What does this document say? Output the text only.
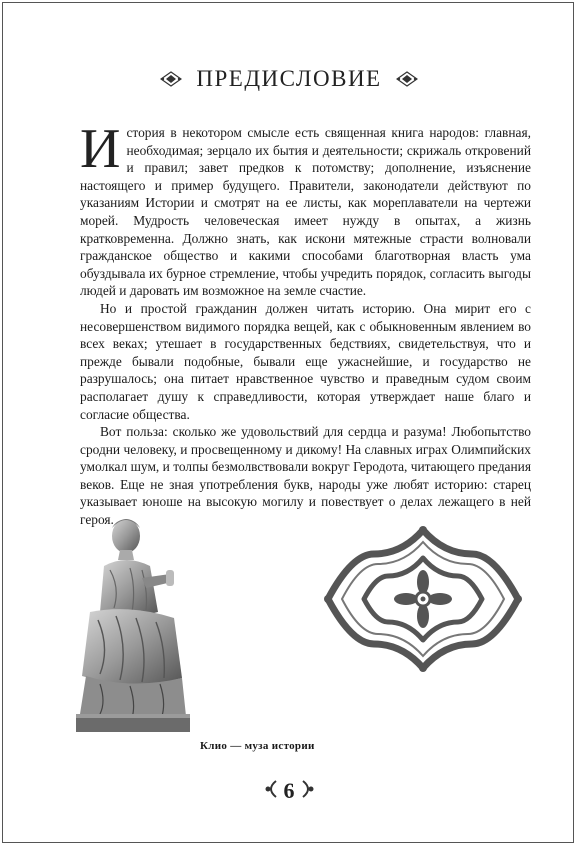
ПРЕДИСЛОВИЕ

История в некотором смысле есть священная книга народов: главная, необходимая; зерцало их бытия и деятельности; скрижаль откровений и правил; завет предков к потомству; дополнение, изъяснение настоящего и пример будущего. Правители, законодатели действуют по указаниям Истории и смотрят на ее листы, как мореплаватели на чертежи морей. Мудрость человеческая имеет нужду в опытах, а жизнь кратковременна. Должно знать, как искони мятежные страсти волновали гражданское общество и какими способами благотворная власть ума обуздывала их бурное стремление, чтобы учредить порядок, согласить выгоды людей и даровать им возможное на земле счастие.

Но и простой гражданин должен читать историю. Она мирит его с несовершенством видимого порядка вещей, как с обыкновенным явлением во всех веках; утешает в государственных бедствиях, свидетельствуя, что и прежде бывали подобные, бывали еще ужаснейшие, и государство не разрушалось; она питает нравственное чувство и праведным судом своим располагает душу к справедливости, которая утверждает наше благо и согласие общества.

Вот польза: сколько же удовольствий для сердца и разума! Любопытство сродни человеку, и просвещенному и дикому! На славных играх Олимпийских умолкал шум, и толпы безмолвствовали вокруг Геродота, читающего предания веков. Еще не зная употребления букв, народы уже любят историю: старец указывает юноше на высокую могилу и повествует о делах лежащего в ней героя.

Клио — муза истории
6
